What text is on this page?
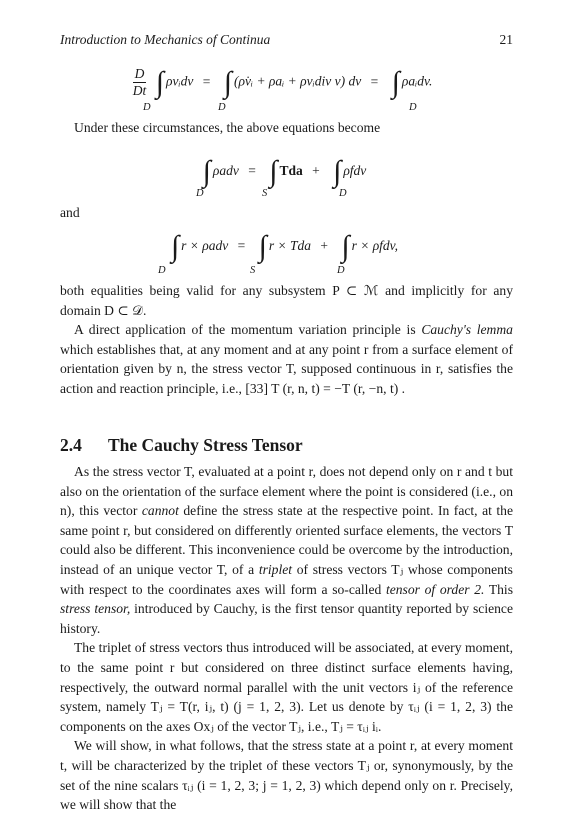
Introduction to Mechanics of Continua	21
$\frac{D}{Dt}$ ∫ ρvᵢdv = ∫ (ρ̇vᵢ + ρaᵢ + ρvᵢdiv v) dv = ∫ ρaᵢdv.
D	D	D

Under these circumstances, the above equations become

∫ ρadv = ∫ Tda + ∫ ρfdv
D	S	D

and

∫ r × ρadv = ∫ r × Tda + ∫ r × ρfdv,
D	S	D

both equalities being valid for any subsystem P ⊂ ℳ and implicitly for any domain D ⊂ 𝒟.

A direct application of the momentum variation principle is Cauchy's lemma which establishes that, at any moment and at any point r from a surface element of orientation given by n, the stress vector T, supposed continuous in r, satisfies the action and reaction principle, i.e., [33] T (r, n, t) = −T (r, −n, t) .

2.4 The Cauchy Stress Tensor

As the stress vector T, evaluated at a point r, does not depend only on r and t but also on the orientation of the surface element where the point is considered (i.e., on n), this vector cannot define the stress state at the respective point. In fact, at the same point r, but considered on differently oriented surface elements, the vectors T could also be different. This inconvenience could be overcome by the introduction, instead of an unique vector T, of a triplet of stress vectors Tⱼ whose components with respect to the coordinates axes will form a so-called tensor of order 2. This stress tensor, introduced by Cauchy, is the first tensor quantity reported by science history.

The triplet of stress vectors thus introduced will be associated, at every moment, to the same point r but considered on three distinct surface elements having, respectively, the outward normal parallel with the unit vectors iⱼ of the reference system, namely Tⱼ = T(r, iⱼ, t) (j = 1, 2, 3). Let us denote by τᵢⱼ (i = 1, 2, 3) the components on the axes Oxⱼ of the vector Tⱼ, i.e., Tⱼ = τᵢⱼ iᵢ.

We will show, in what follows, that the stress state at a point r, at every moment t, will be characterized by the triplet of these vectors Tⱼ or, synonymously, by the set of the nine scalars τᵢⱼ (i = 1, 2, 3; j = 1, 2, 3) which depend only on r. Precisely, we will show that the
